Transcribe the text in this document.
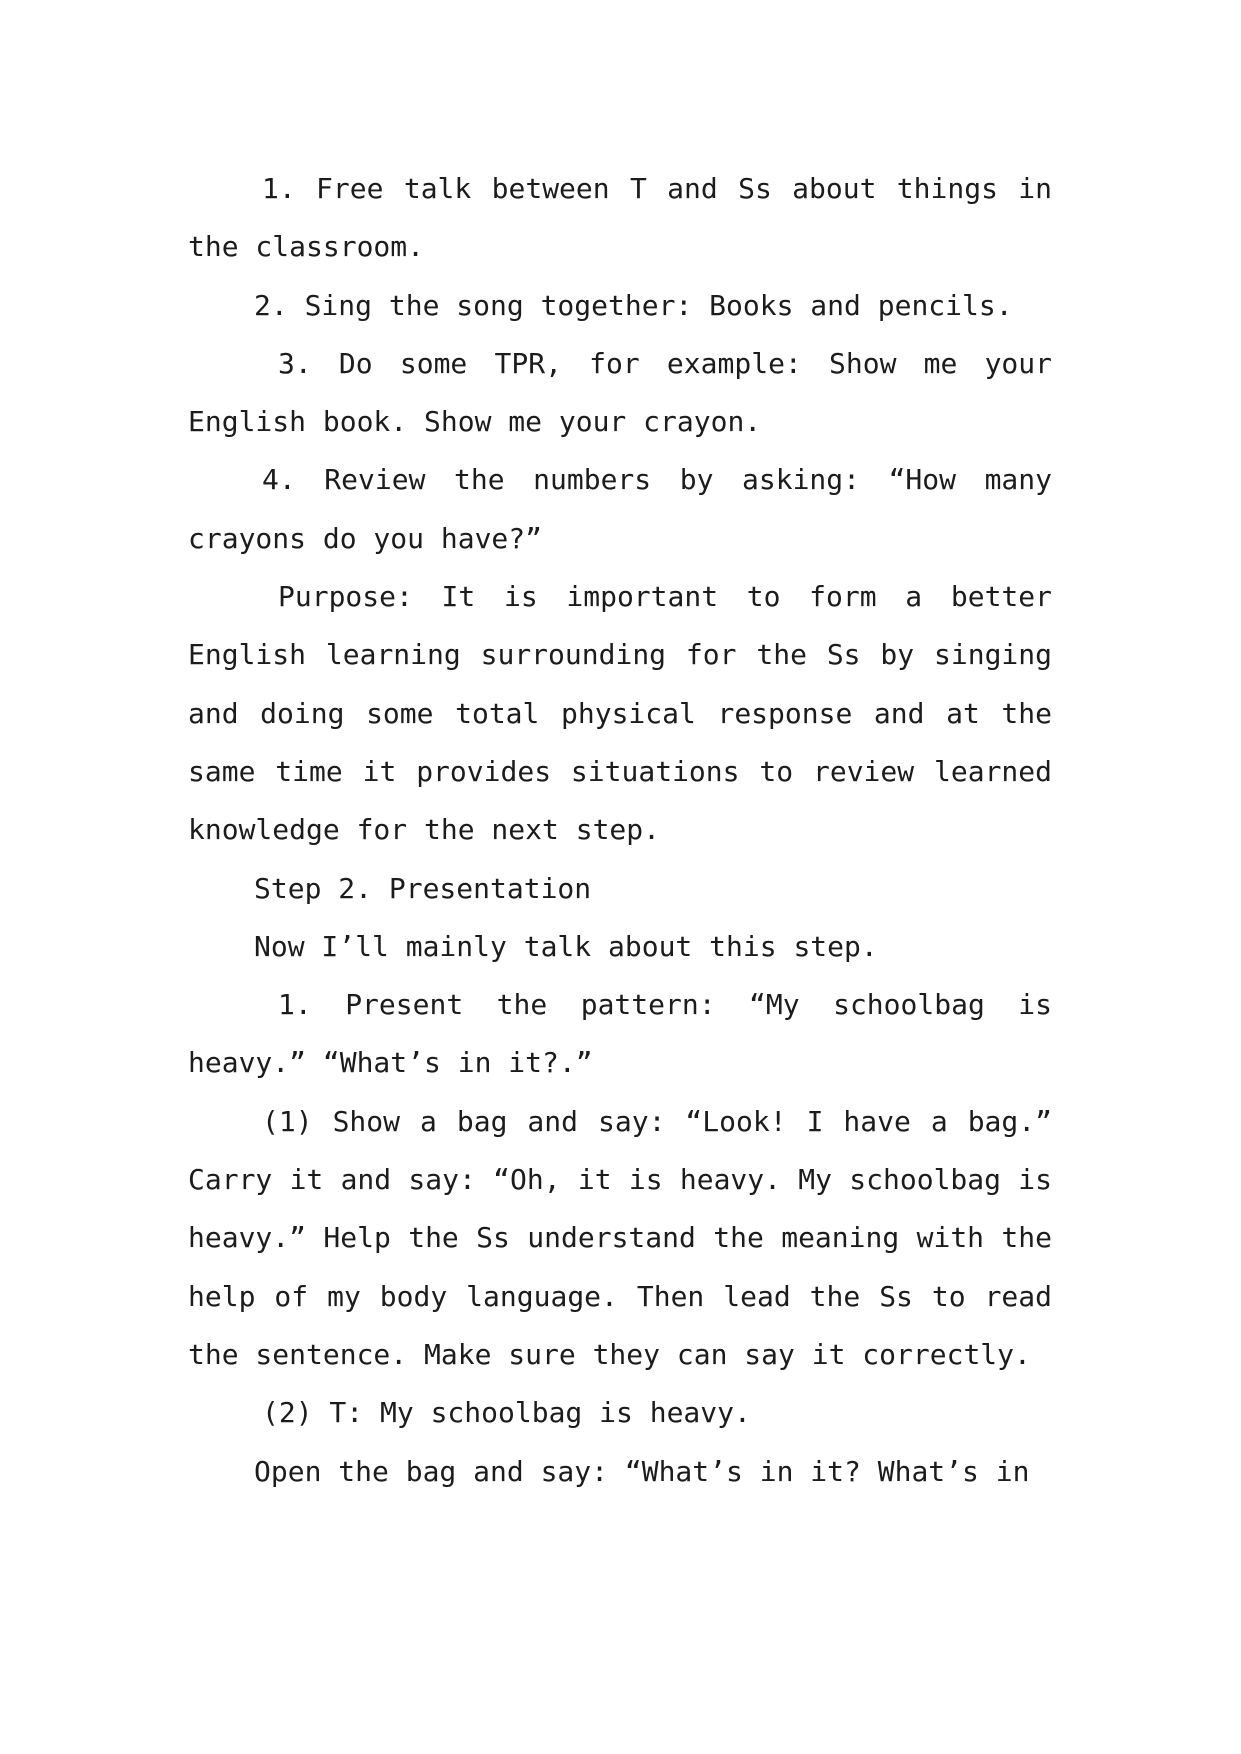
1. Free talk between T and Ss about things in the classroom.

2. Sing the song together: Books and pencils.

3. Do some TPR, for example: Show me your English book. Show me your crayon.

4. Review the numbers by asking: “How many crayons do you have?”

Purpose: It is important to form a better English learning surrounding for the Ss by singing and doing some total physical response and at the same time it provides situations to review learned knowledge for the next step.

Step 2. Presentation

Now I’ll mainly talk about this step.

1. Present the pattern: “My schoolbag is heavy.” “What’s in it?.”

(1) Show a bag and say: “Look! I have a bag.” Carry it and say: “Oh, it is heavy. My schoolbag is heavy.” Help the Ss understand the meaning with the help of my body language. Then lead the Ss to read the sentence. Make sure they can say it correctly.

(2) T: My schoolbag is heavy.

Open the bag and say: “What’s in it? What’s in
